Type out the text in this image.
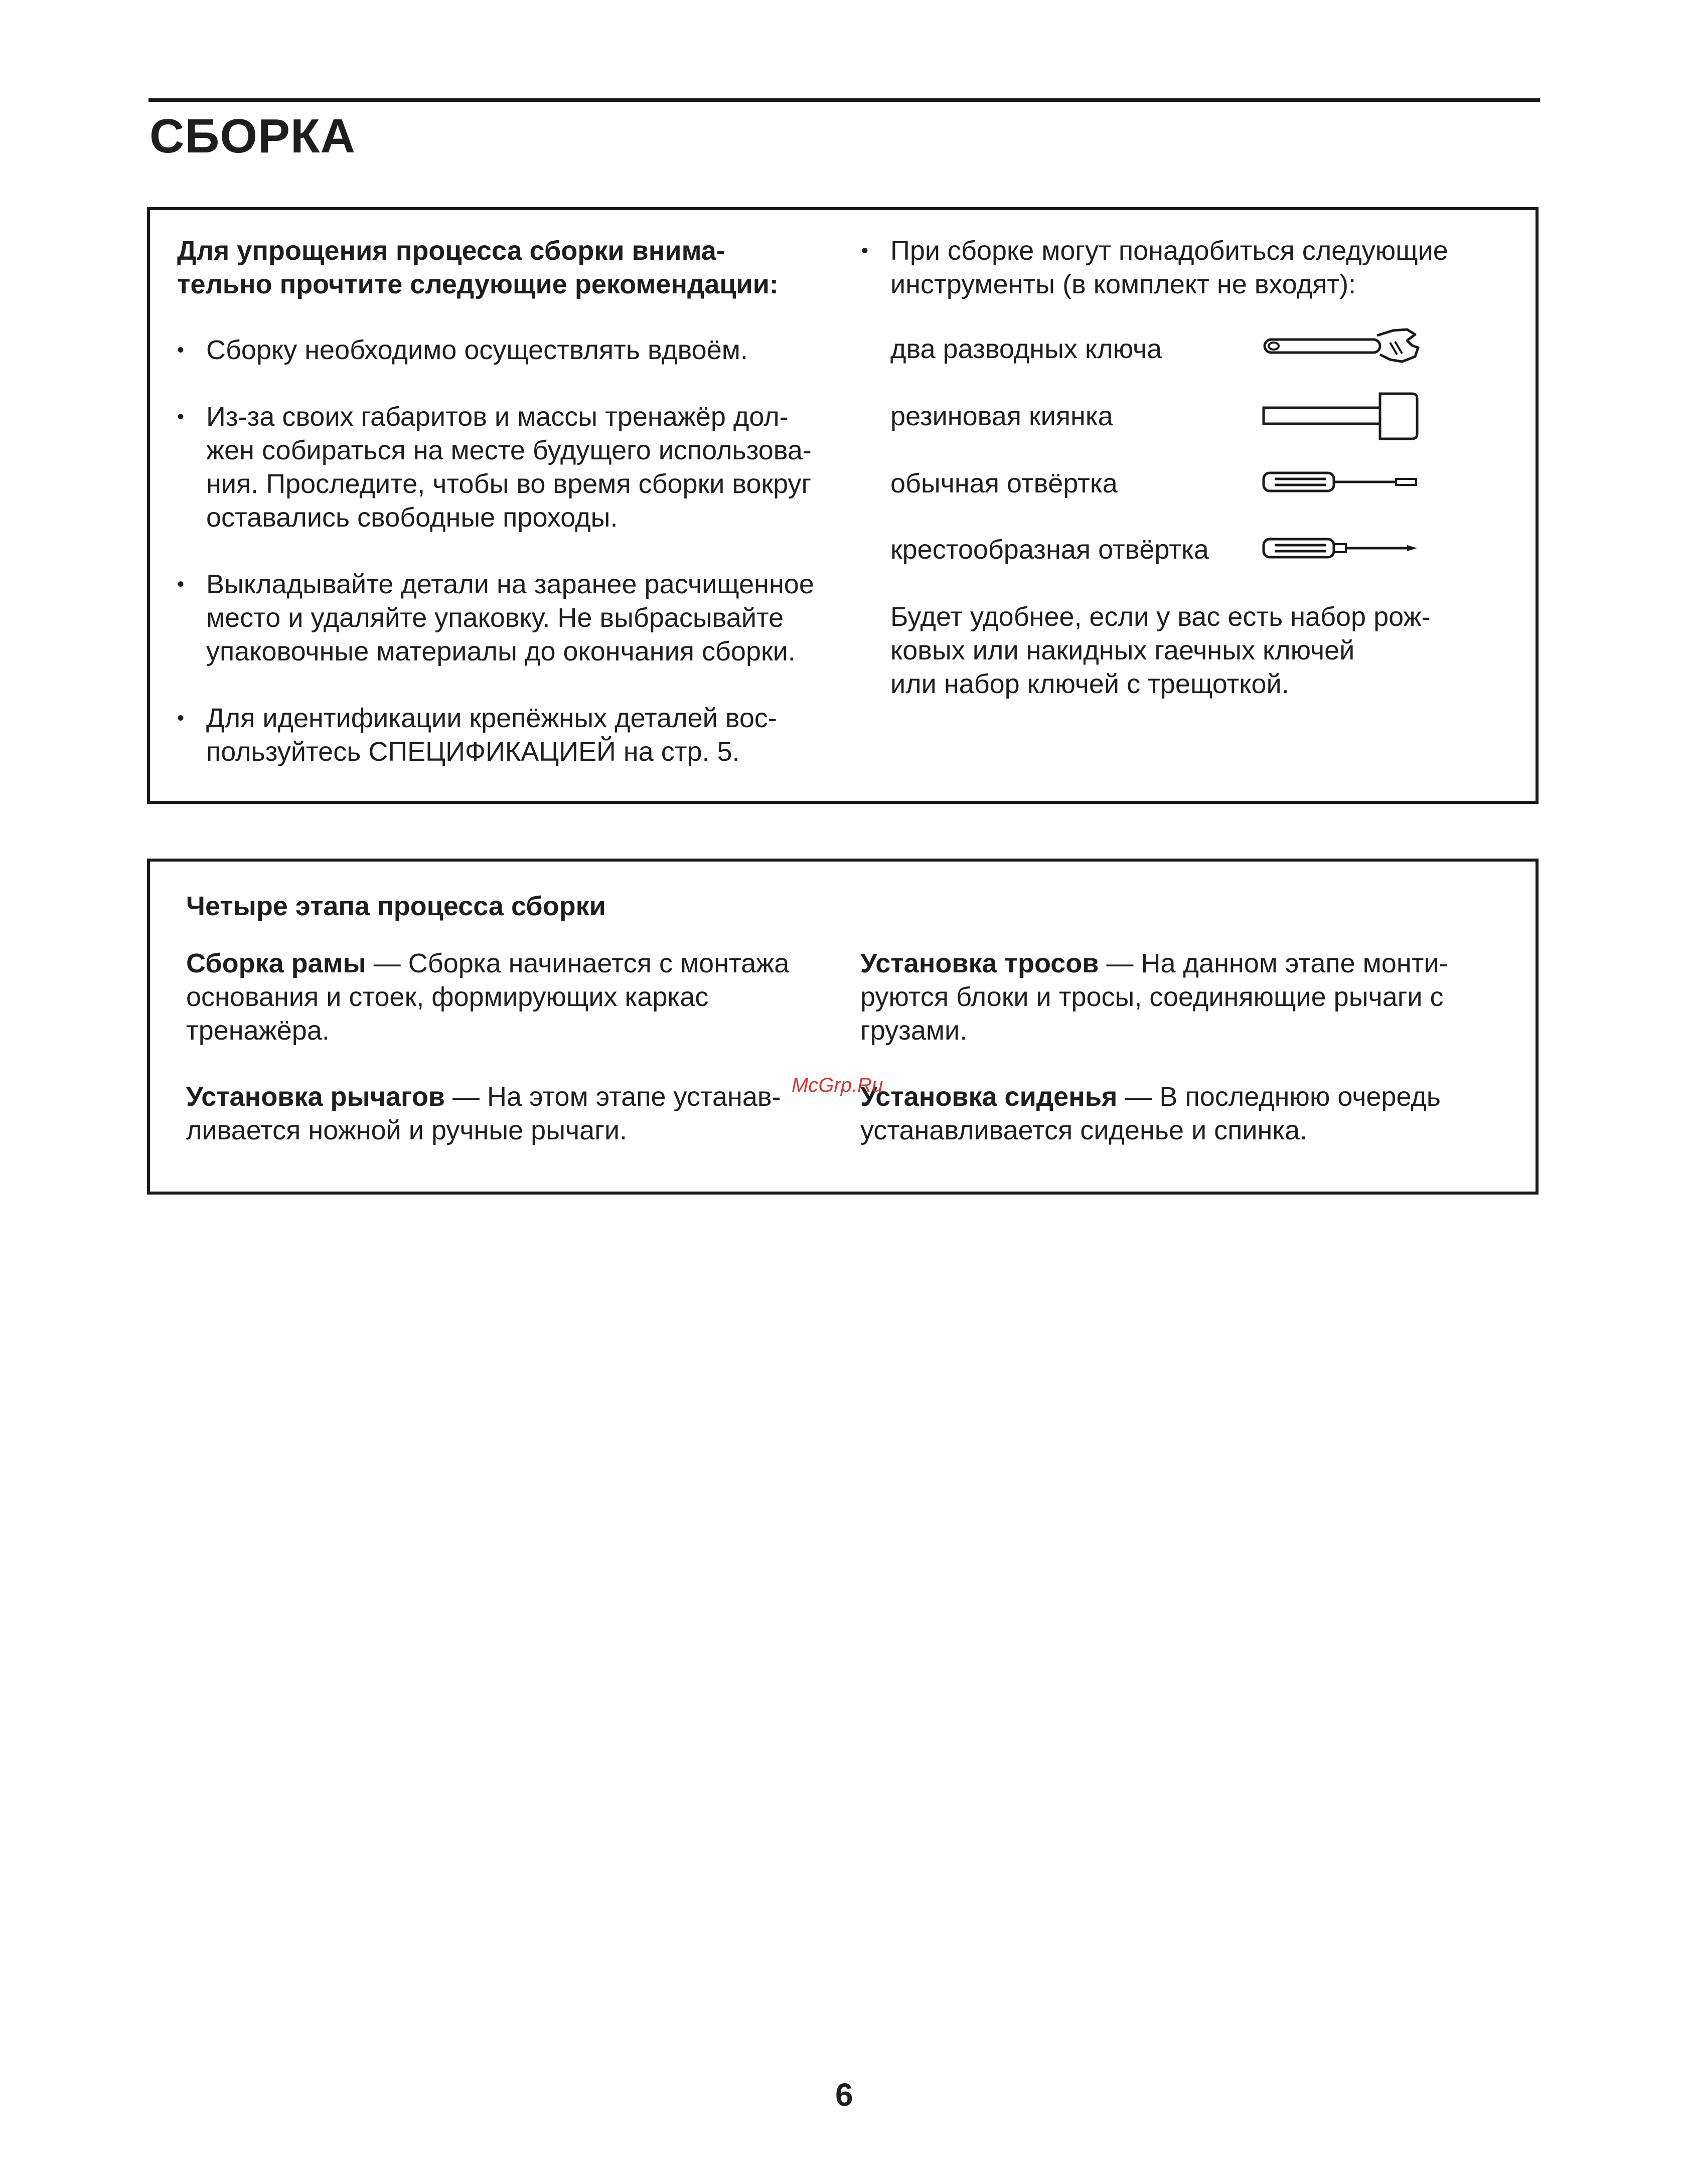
СБОРКА
Для упрощения процесса сборки внима-
тельно прочтите следующие рекомендации:
• Сборку необходимо осуществлять вдвоём.
• Из-за своих габаритов и массы тренажёр дол-
жен собираться на месте будущего использова-
ния. Проследите, чтобы во время сборки вокруг
оставались свободные проходы.
• Выкладывайте детали на заранее расчищенное
место и удаляйте упаковку. Не выбрасывайте
упаковочные материалы до окончания сборки.
• Для идентификации крепёжных деталей вос-
пользуйтесь СПЕЦИФИКАЦИЕЙ на стр. 5.
• При сборке могут понадобиться следующие
инструменты (в комплект не входят):
два разводных ключа
резиновая киянка
обычная отвёртка
крестообразная отвёртка
Будет удобнее, если у вас есть набор рож-
ковых или накидных гаечных ключей
или набор ключей с трещоткой.
Четыре этапа процесса сборки
Сборка рамы — Сборка начинается с монтажа основания и стоек, формирующих каркас тренажёра.
Установка тросов — На данном этапе монти-руются блоки и тросы, соединяющие рычаги с грузами.
Установка рычагов — На этом этапе устанав-ливается ножной и ручные рычаги.
Установка сиденья — В последнюю очередь устанавливается сиденье и спинка.
McGrp.Ru
6
